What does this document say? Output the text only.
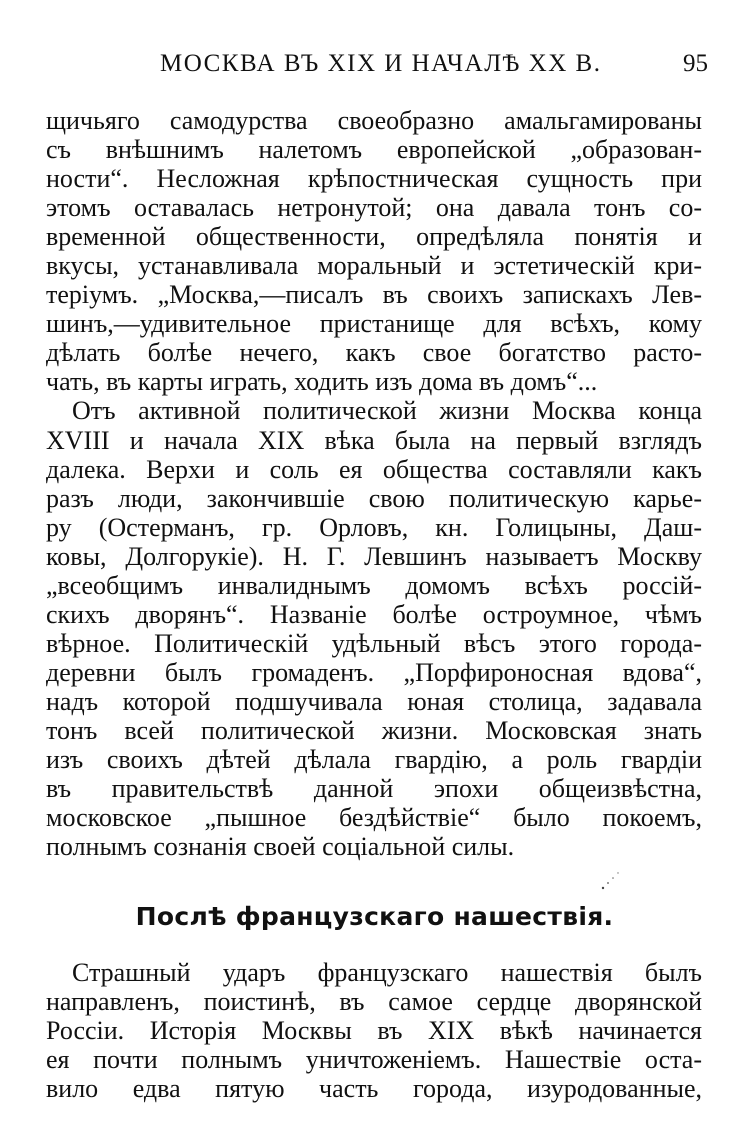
МОСКВА ВЪ XIX И НАЧАЛѢ XX В.	95
щичьяго самодурства своеобразно амальгамированы
съ внѣшнимъ налетомъ европейской „образован-
ности“. Несложная крѣпостническая сущность при
этомъ оставалась нетронутой; она давала тонъ со-
временной общественности, опредѣляла понятія и
вкусы, устанавливала моральный и эстетическій кри-
теріумъ. „Москва,—писалъ въ своихъ запискахъ Лев-
шинъ,—удивительное пристанище для всѣхъ, кому
дѣлать болѣе нечего, какъ свое богатство расто-
чать, въ карты играть, ходить изъ дома въ домъ“...
Отъ активной политической жизни Москва конца
XVIII и начала XIX вѣка была на первый взглядъ
далека. Верхи и соль ея общества составляли какъ
разъ люди, закончившіе свою политическую карье-
ру (Остерманъ, гр. Орловъ, кн. Голицыны, Даш-
ковы, Долгорукіе). Н. Г. Левшинъ называетъ Москву
„всеобщимъ инвалиднымъ домомъ всѣхъ россій-
скихъ дворянъ“. Названіе болѣе остроумное, чѣмъ
вѣрное. Политическій удѣльный вѣсъ этого города-
деревни былъ громаденъ. „Порфироносная вдова“,
надъ которой подшучивала юная столица, задавала
тонъ всей политической жизни. Московская знать
изъ своихъ дѣтей дѣлала гвардію, а роль гвардіи
въ правительствѣ данной эпохи общеизвѣстна,
московское „пышное бездѣйствіе“ было покоемъ,
полнымъ сознанія своей соціальной силы.
Послѣ французскаго нашествія.
Страшный ударъ французскаго нашествія былъ
направленъ, поистинѣ, въ самое сердце дворянской
Россіи. Исторія Москвы въ XIX вѣкѣ начинается
ея почти полнымъ уничтоженіемъ. Нашествіе оста-
вило едва пятую часть города, изуродованные,
